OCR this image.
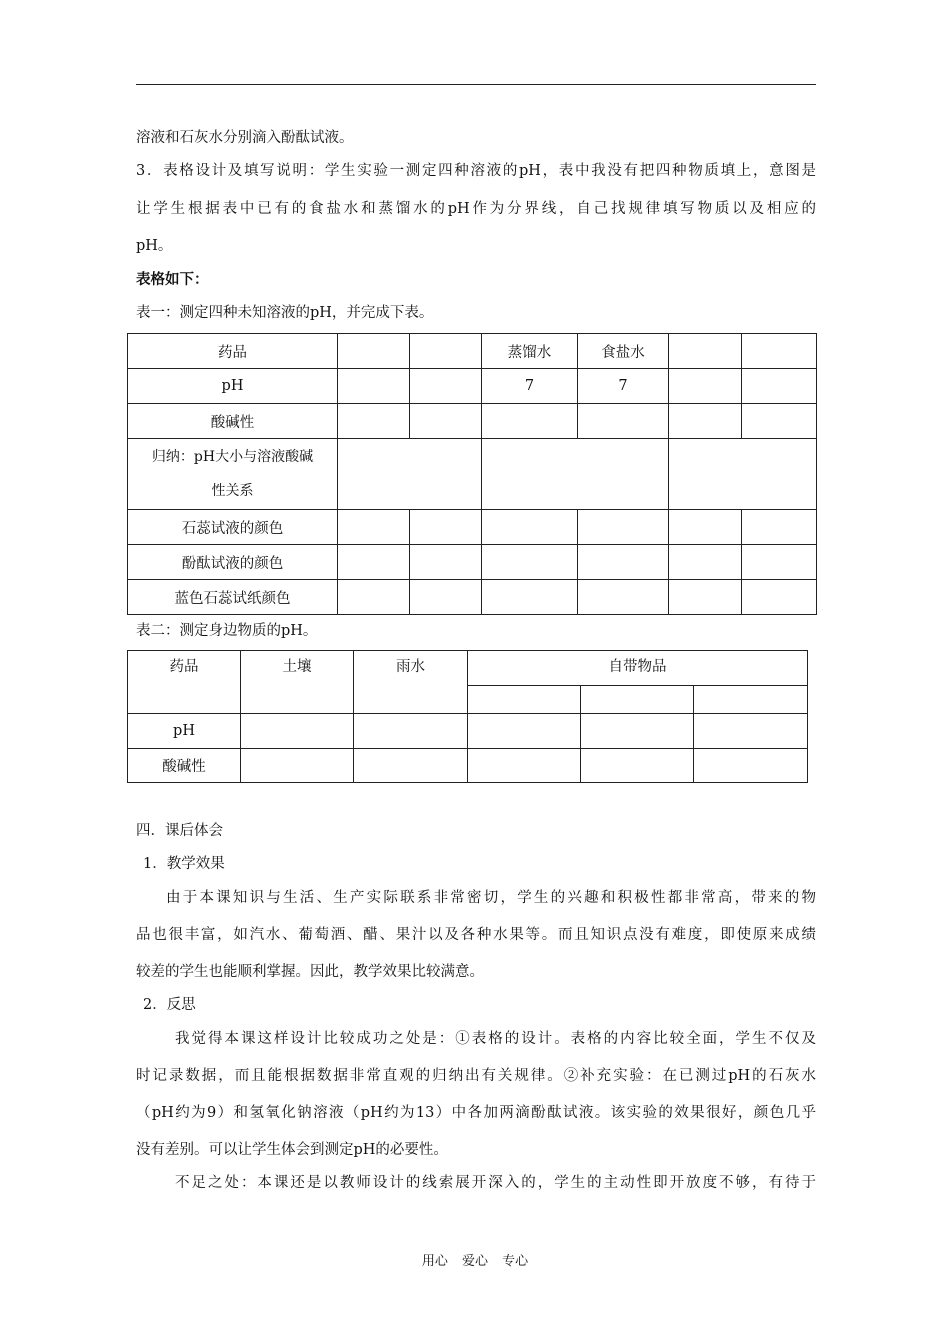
溶液和石灰水分别滴入酚酞试液。
3．表格设计及填写说明：学生实验一测定四种溶液的pH，表中我没有把四种物质填上，意图是
让学生根据表中已有的食盐水和蒸馏水的pH作为分界线，自己找规律填写物质以及相应的
pH。
表格如下：
表一：测定四种未知溶液的pH，并完成下表。
药品			蒸馏水	食盐水		
pH			7	7		
酸碱性						

归纳：pH大小与溶液酸碱
性关系						

石蕊试液的颜色						
酚酞试液的颜色						
蓝色石蕊试纸颜色						
表二：测定身边物质的pH。
药品	土壤	雨水	自带物品		

pH					
酸碱性					
四．课后体会
1．教学效果
由于本课知识与生活、生产实际联系非常密切，学生的兴趣和积极性都非常高，带来的物
品也很丰富，如汽水、葡萄酒、醋、果汁以及各种水果等。而且知识点没有难度，即使原来成绩
较差的学生也能顺利掌握。因此，教学效果比较满意。
2．反思
我觉得本课这样设计比较成功之处是：①表格的设计。表格的内容比较全面，学生不仅及
时记录数据，而且能根据数据非常直观的归纳出有关规律。②补充实验：在已测过pH的石灰水
（pH约为9）和氢氧化钠溶液（pH约为13）中各加两滴酚酞试液。该实验的效果很好，颜色几乎
没有差别。可以让学生体会到测定pH的必要性。
不足之处：本课还是以教师设计的线索展开深入的，学生的主动性即开放度不够，有待于
用心 爱心 专心
